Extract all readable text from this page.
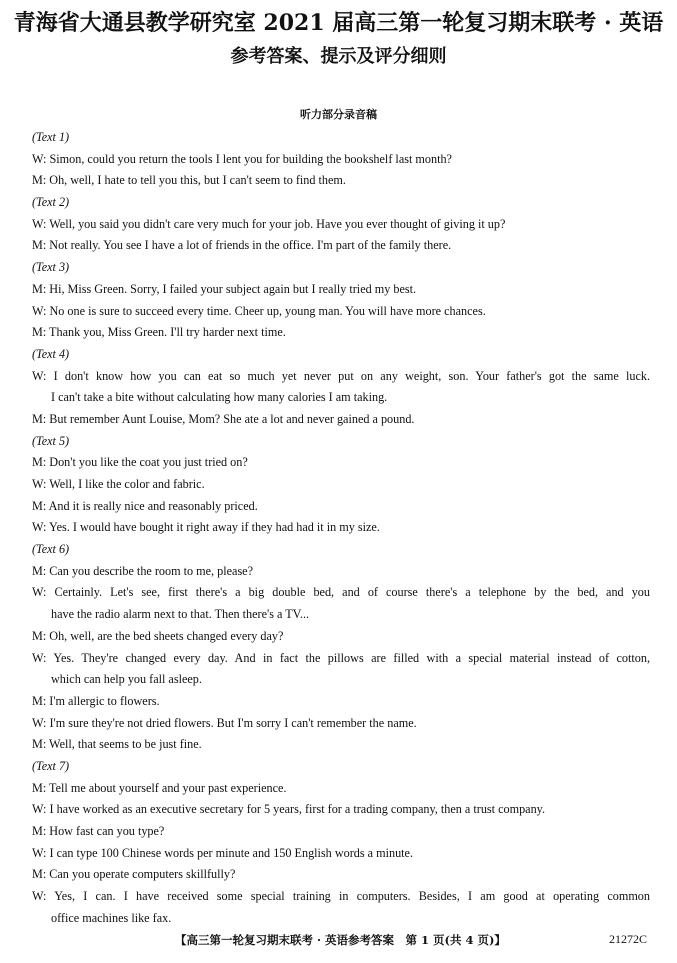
青海省大通县教学研究室 2021 届高三第一轮复习期末联考 · 英语
参考答案、提示及评分细则
听力部分录音稿
(Text 1)
W: Simon, could you return the tools I lent you for building the bookshelf last month?
M: Oh, well, I hate to tell you this, but I can't seem to find them.
(Text 2)
W: Well, you said you didn't care very much for your job. Have you ever thought of giving it up?
M: Not really. You see I have a lot of friends in the office. I'm part of the family there.
(Text 3)
M: Hi, Miss Green. Sorry, I failed your subject again but I really tried my best.
W: No one is sure to succeed every time. Cheer up, young man. You will have more chances.
M: Thank you, Miss Green. I'll try harder next time.
(Text 4)
W: I don't know how you can eat so much yet never put on any weight, son. Your father's got the same luck.
I can't take a bite without calculating how many calories I am taking.
M: But remember Aunt Louise, Mom? She ate a lot and never gained a pound.
(Text 5)
M: Don't you like the coat you just tried on?
W: Well, I like the color and fabric.
M: And it is really nice and reasonably priced.
W: Yes. I would have bought it right away if they had had it in my size.
(Text 6)
M: Can you describe the room to me, please?
W: Certainly. Let's see, first there's a big double bed, and of course there's a telephone by the bed, and you
have the radio alarm next to that. Then there's a TV...
M: Oh, well, are the bed sheets changed every day?
W: Yes. They're changed every day. And in fact the pillows are filled with a special material instead of cotton,
which can help you fall asleep.
M: I'm allergic to flowers.
W: I'm sure they're not dried flowers. But I'm sorry I can't remember the name.
M: Well, that seems to be just fine.
(Text 7)
M: Tell me about yourself and your past experience.
W: I have worked as an executive secretary for 5 years, first for a trading company, then a trust company.
M: How fast can you type?
W: I can type 100 Chinese words per minute and 150 English words a minute.
M: Can you operate computers skillfully?
W: Yes, I can. I have received some special training in computers. Besides, I am good at operating common
office machines like fax.
【高三第一轮复习期末联考 · 英语参考答案　第 1 页(共 4 页)】	21272C
